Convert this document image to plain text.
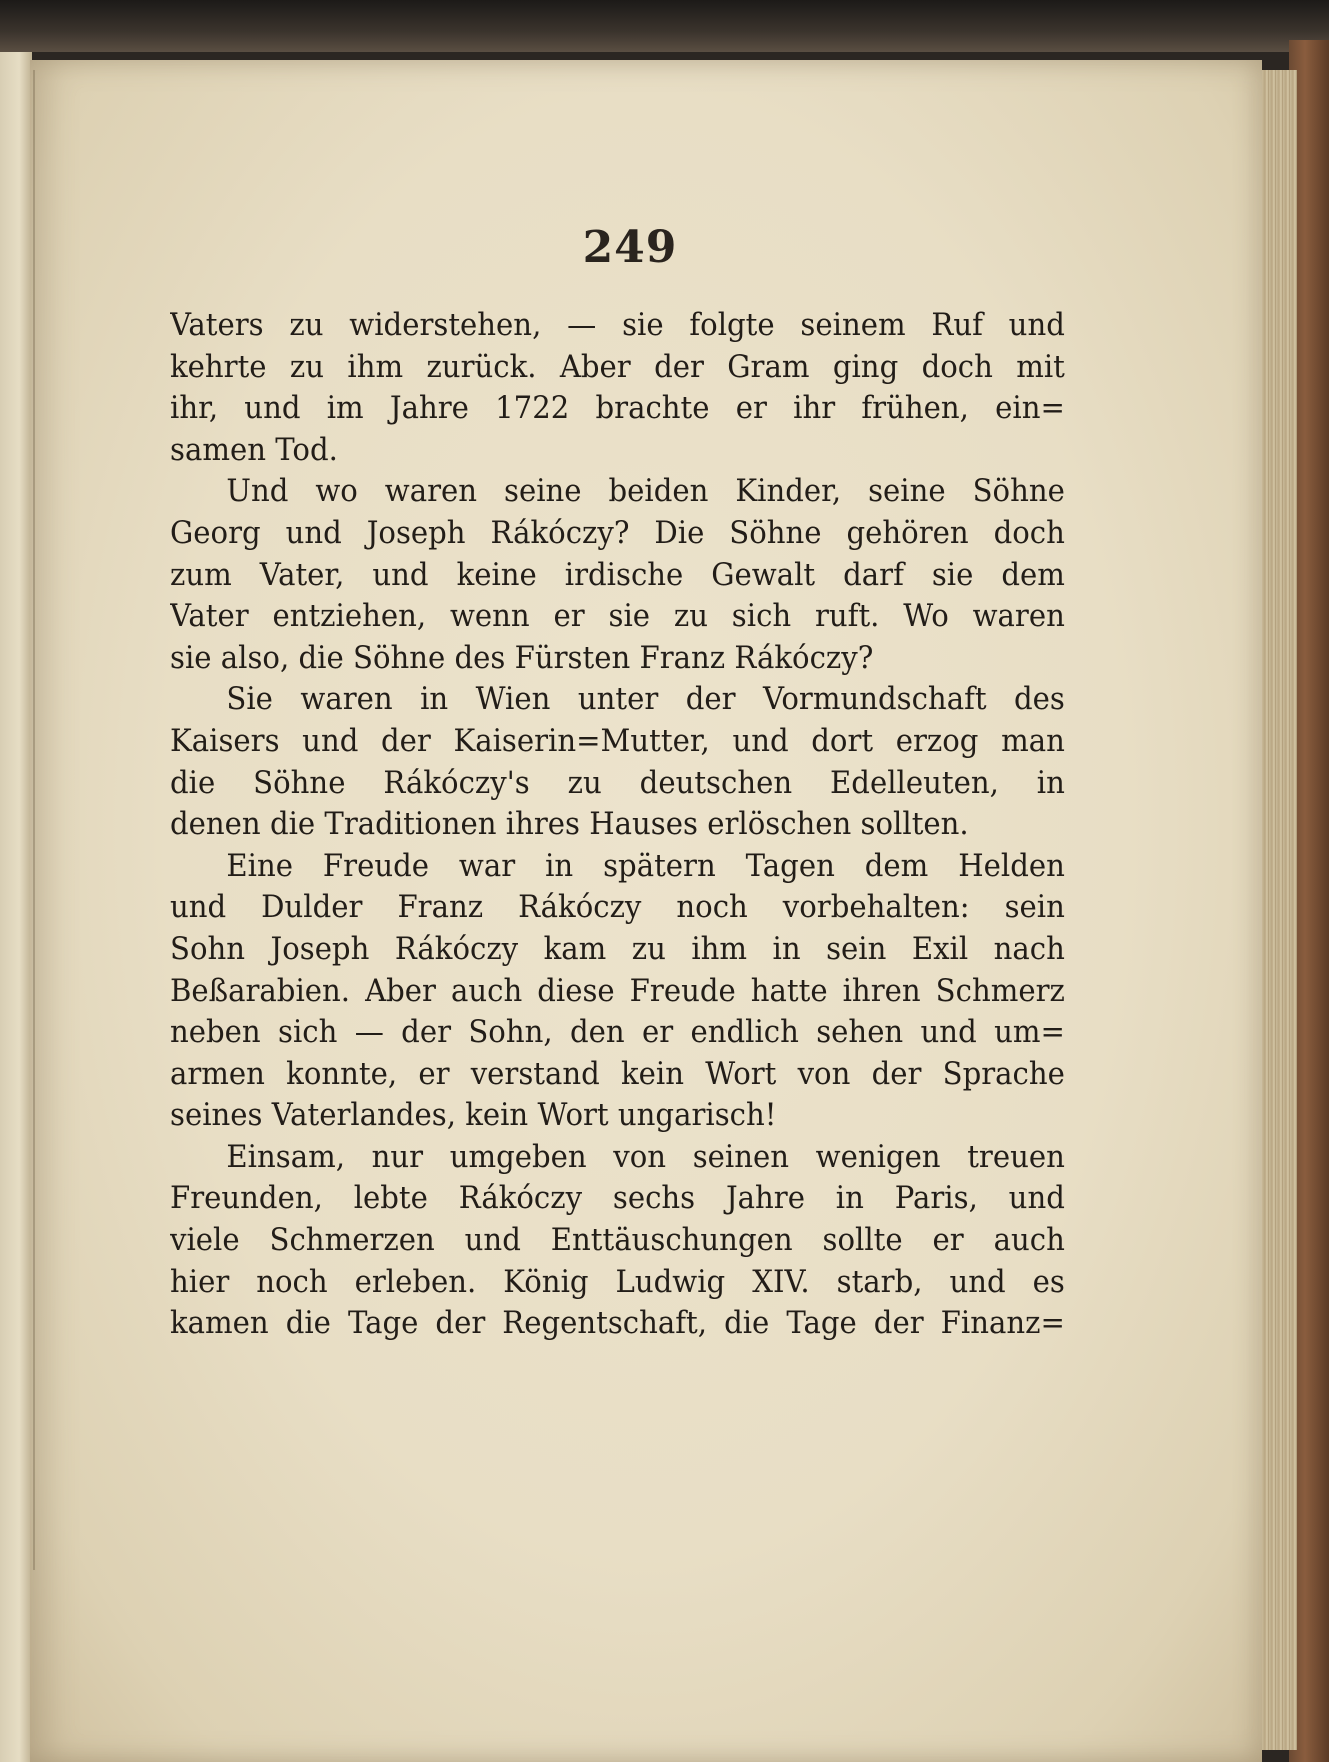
249
Vaters zu widerstehen, — sie folgte seinem Ruf und
kehrte zu ihm zurück. Aber der Gram ging doch mit
ihr, und im Jahre 1722 brachte er ihr frühen, ein=
samen Tod.
Und wo waren seine beiden Kinder, seine Söhne
Georg und Joseph Rákóczy? Die Söhne gehören doch
zum Vater, und keine irdische Gewalt darf sie dem
Vater entziehen, wenn er sie zu sich ruft. Wo waren
sie also, die Söhne des Fürsten Franz Rákóczy?
Sie waren in Wien unter der Vormundschaft des
Kaisers und der Kaiserin=Mutter, und dort erzog man
die Söhne Rákóczy's zu deutschen Edelleuten, in
denen die Traditionen ihres Hauses erlöschen sollten.
Eine Freude war in spätern Tagen dem Helden
und Dulder Franz Rákóczy noch vorbehalten: sein
Sohn Joseph Rákóczy kam zu ihm in sein Exil nach
Beßarabien. Aber auch diese Freude hatte ihren Schmerz
neben sich — der Sohn, den er endlich sehen und um=
armen konnte, er verstand kein Wort von der Sprache
seines Vaterlandes, kein Wort ungarisch!
Einsam, nur umgeben von seinen wenigen treuen
Freunden, lebte Rákóczy sechs Jahre in Paris, und
viele Schmerzen und Enttäuschungen sollte er auch
hier noch erleben. König Ludwig XIV. starb, und es
kamen die Tage der Regentschaft, die Tage der Finanz=
